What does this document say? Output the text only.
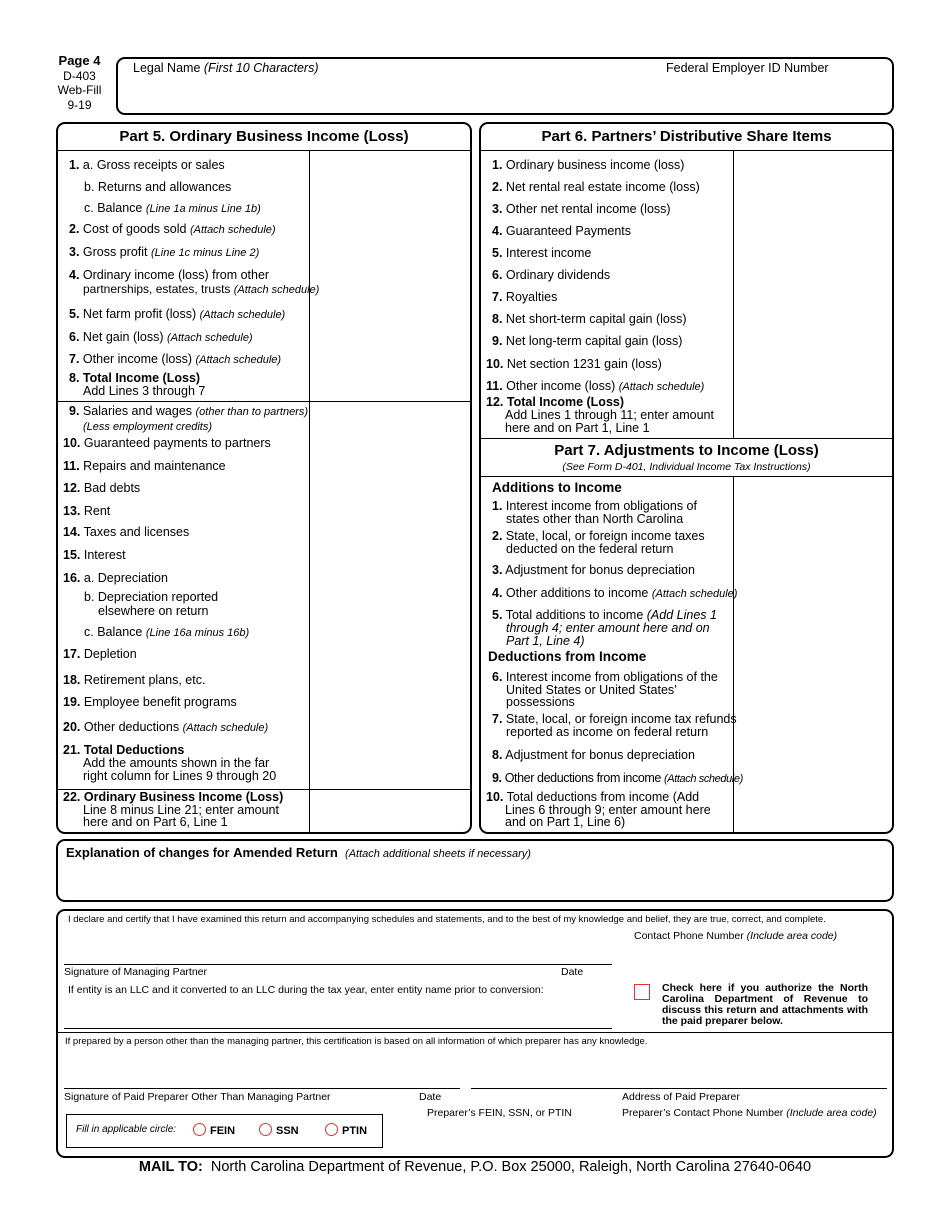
Page 4
D-403
Web-Fill
9-19
Legal Name (First 10 Characters)	Federal Employer ID Number
Part 5. Ordinary Business Income (Loss)
1. a. Gross receipts or sales
b. Returns and allowances
c. Balance (Line 1a minus Line 1b)
2. Cost of goods sold (Attach schedule)
3. Gross profit (Line 1c minus Line 2)
4. Ordinary income (loss) from other
partnerships, estates, trusts (Attach schedule)
5. Net farm profit (loss) (Attach schedule)
6. Net gain (loss) (Attach schedule)
7. Other income (loss) (Attach schedule)
8. Total Income (Loss)
Add Lines 3 through 7
9. Salaries and wages (other than to partners)
(Less employment credits)
10. Guaranteed payments to partners
11. Repairs and maintenance
12. Bad debts
13. Rent
14. Taxes and licenses
15. Interest
16. a. Depreciation
b. Depreciation reported
elsewhere on return
c. Balance (Line 16a minus 16b)
17. Depletion
18. Retirement plans, etc.
19. Employee benefit programs
20. Other deductions (Attach schedule)
21. Total Deductions
Add the amounts shown in the far
right column for Lines 9 through 20
22. Ordinary Business Income (Loss)
Line 8 minus Line 21; enter amount
here and on Part 6, Line 1
Part 6. Partners’ Distributive Share Items
Part 7. Adjustments to Income (Loss)
(See Form D-401, Individual Income Tax Instructions)
1. Ordinary business income (loss)
2. Net rental real estate income (loss)
3. Other net rental income (loss)
4. Guaranteed Payments
5. Interest income
6. Ordinary dividends
7. Royalties
8. Net short-term capital gain (loss)
9. Net long-term capital gain (loss)
10. Net section 1231 gain (loss)
11. Other income (loss) (Attach schedule)
12. Total Income (Loss)
Add Lines 1 through 11; enter amount
here and on Part 1, Line 1
Additions to Income
1. Interest income from obligations of
states other than North Carolina
2. State, local, or foreign income taxes
deducted on the federal return
3. Adjustment for bonus depreciation
4. Other additions to income (Attach schedule)
5. Total additions to income (Add Lines 1
through 4; enter amount here and on
Part 1, Line 4)
Deductions from Income
6. Interest income from obligations of the
United States or United States’
possessions
7. State, local, or foreign income tax refunds
reported as income on federal return
8. Adjustment for bonus depreciation
9. Other deductions from income (Attach schedule)
10. Total deductions from income (Add
Lines 6 through 9; enter amount here
and on Part 1, Line 6)
Explanation of changes for Amended Return (Attach additional sheets if necessary)
I declare and certify that I have examined this return and accompanying schedules and statements, and to the best of my knowledge and belief, they are true, correct, and complete.
Contact Phone Number (Include area code)
Signature of Managing Partner	Date
If entity is an LLC and it converted to an LLC during the tax year, enter entity name prior to conversion:	Check here if you authorize the North Carolina Department of Revenue to discuss this return and attachments with the paid preparer below.
If prepared by a person other than the managing partner, this certification is based on all information of which preparer has any knowledge.
Signature of Paid Preparer Other Than Managing Partner	Date	Address of Paid Preparer
Preparer’s FEIN, SSN, or PTIN	Preparer’s Contact Phone Number (Include area code)
Fill in applicable circle:	FEIN	SSN	PTIN
MAIL TO: North Carolina Department of Revenue, P.O. Box 25000, Raleigh, North Carolina 27640-0640
